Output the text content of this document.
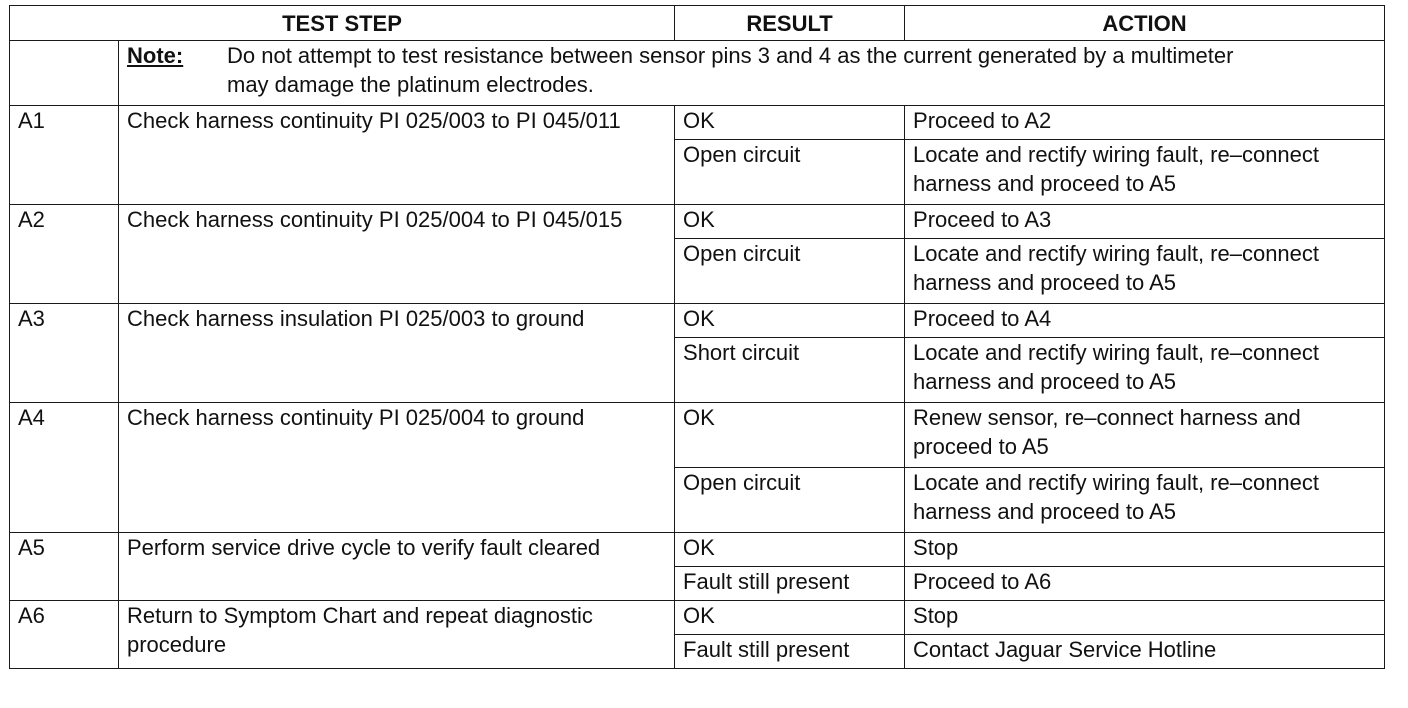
TEST STEP		RESULT	ACTION

	Note: Do not attempt to test resistance between sensor pins 3 and 4 as the current generated by a multimeter may damage the platinum electrodes.		

A1	Check harness continuity PI 025/003 to PI 045/011	OK	Proceed to A2
		Open circuit	Locate and rectify wiring fault, re–connect harness and proceed to A5
A2	Check harness continuity PI 025/004 to PI 045/015	OK	Proceed to A3
		Open circuit	Locate and rectify wiring fault, re–connect harness and proceed to A5
A3	Check harness insulation PI 025/003 to ground	OK	Proceed to A4
		Short circuit	Locate and rectify wiring fault, re–connect harness and proceed to A5
A4	Check harness continuity PI 025/004 to ground	OK	Renew sensor, re–connect harness and proceed to A5
		Open circuit	Locate and rectify wiring fault, re–connect harness and proceed to A5
A5	Perform service drive cycle to verify fault cleared	OK	Stop
		Fault still present	Proceed to A6
A6	Return to Symptom Chart and repeat diagnostic procedure	OK	Stop
		Fault still present	Contact Jaguar Service Hotline
